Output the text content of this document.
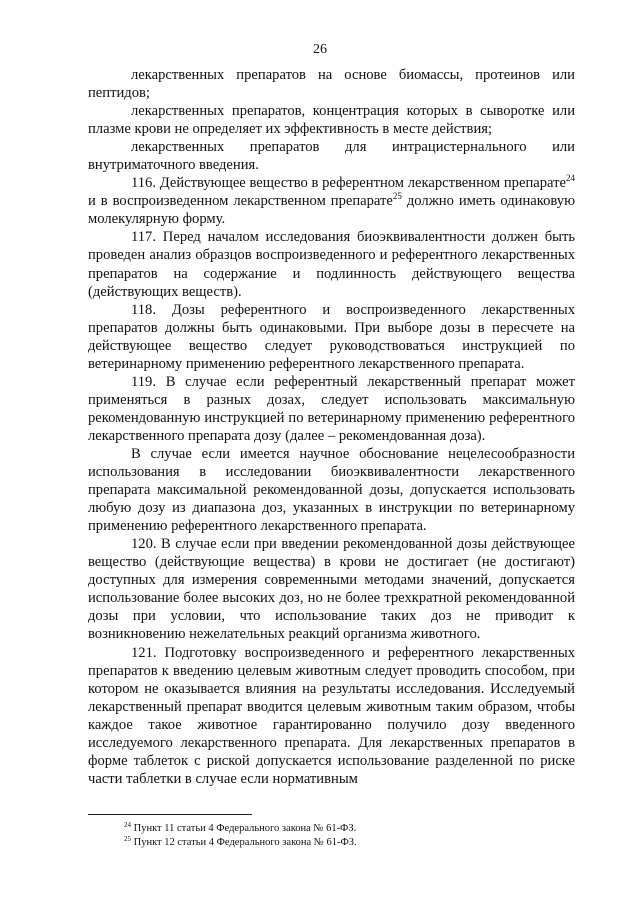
26

лекарственных препаратов на основе биомассы, протеинов или пептидов;

лекарственных препаратов, концентрация которых в сыворотке или плазме крови не определяет их эффективность в месте действия;

лекарственных препаратов для интрацистернального или внутриматочного введения.

116. Действующее вещество в референтном лекарственном препарате$^{24}$ и в воспроизведенном лекарственном препарате$^{25}$ должно иметь одинаковую молекулярную форму.

117. Перед началом исследования биоэквивалентности должен быть проведен анализ образцов воспроизведенного и референтного лекарственных препаратов на содержание и подлинность действующего вещества (действующих веществ).

118. Дозы референтного и воспроизведенного лекарственных препаратов должны быть одинаковыми. При выборе дозы в пересчете на действующее вещество следует руководствоваться инструкцией по ветеринарному применению референтного лекарственного препарата.

119. В случае если референтный лекарственный препарат может применяться в разных дозах, следует использовать максимальную рекомендованную инструкцией по ветеринарному применению референтного лекарственного препарата дозу (далее – рекомендованная доза).

В случае если имеется научное обоснование нецелесообразности использования в исследовании биоэквивалентности лекарственного препарата максимальной рекомендованной дозы, допускается использовать любую дозу из диапазона доз, указанных в инструкции по ветеринарному применению референтного лекарственного препарата.

120. В случае если при введении рекомендованной дозы действующее вещество (действующие вещества) в крови не достигает (не достигают) доступных для измерения современными методами значений, допускается использование более высоких доз, но не более трехкратной рекомендованной дозы при условии, что использование таких доз не приводит к возникновению нежелательных реакций организма животного.

121. Подготовку воспроизведенного и референтного лекарственных препаратов к введению целевым животным следует проводить способом, при котором не оказывается влияния на результаты исследования. Исследуемый лекарственный препарат вводится целевым животным таким образом, чтобы каждое такое животное гарантированно получило дозу введенного исследуемого лекарственного препарата. Для лекарственных препаратов в форме таблеток с риской допускается использование разделенной по риске части таблетки в случае если нормативным

$^{24}$ Пункт 11 статьи 4 Федерального закона № 61-ФЗ.
$^{25}$ Пункт 12 статьи 4 Федерального закона № 61-ФЗ.
